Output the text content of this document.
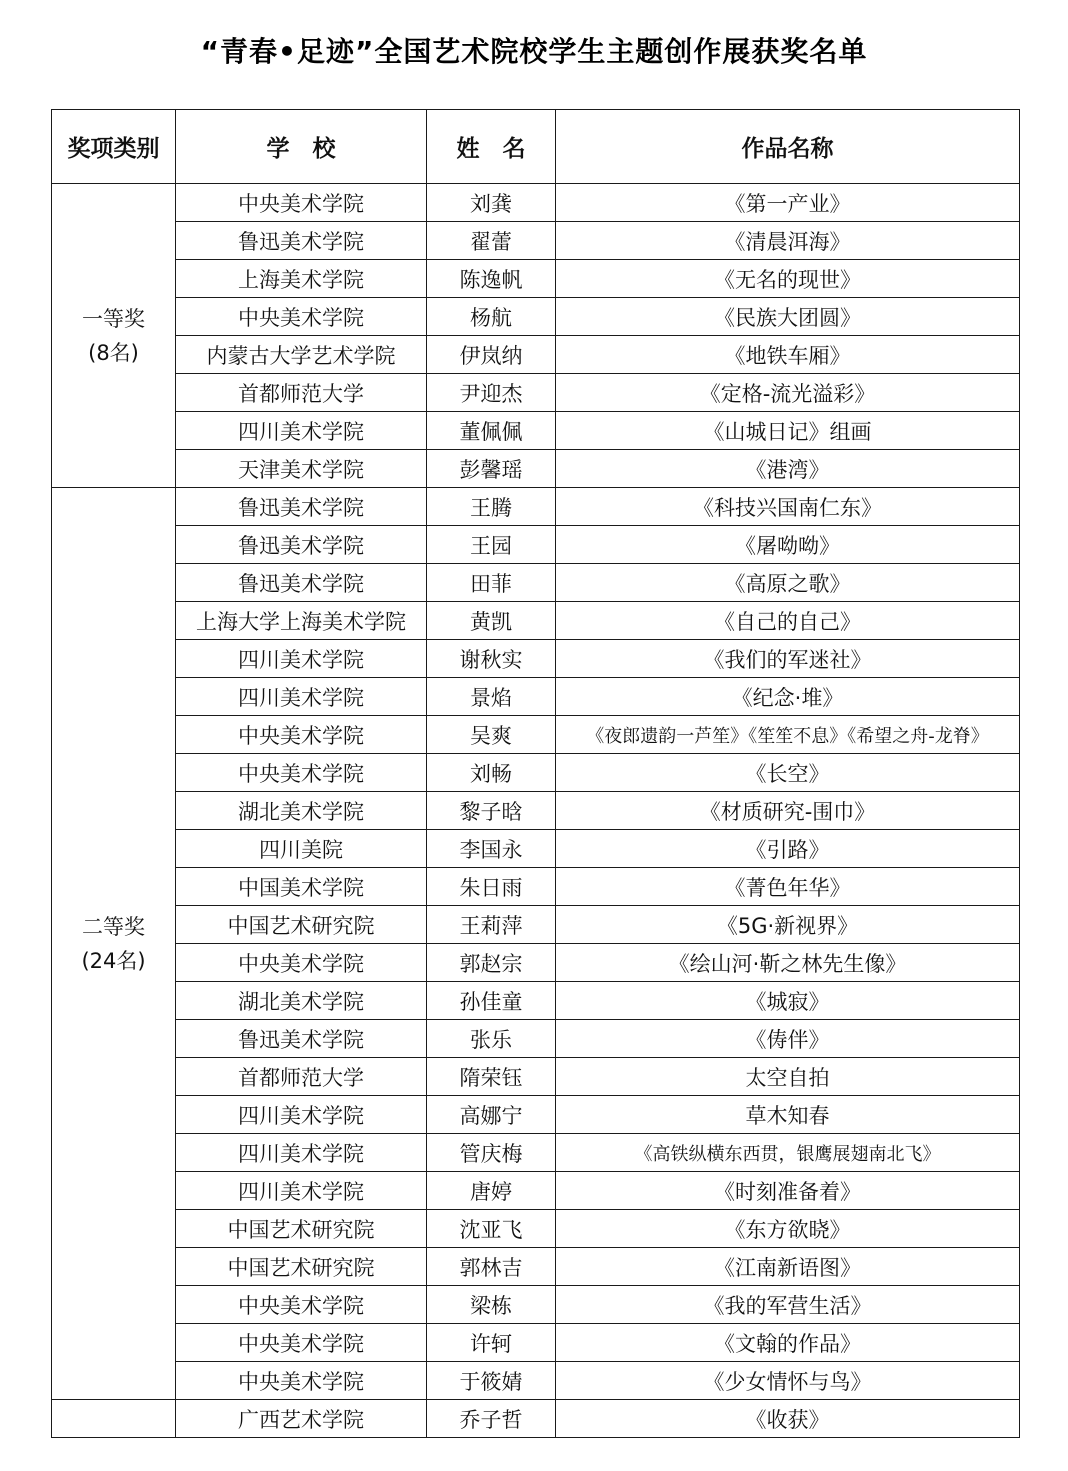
“青春•足迹”全国艺术院校学生主题创作展获奖名单
奖项类别	学　校	姓　名	作品名称

一等奖
(8名)	中央美术学院	刘龚	《第一产业》
	鲁迅美术学院	翟蕾	《清晨洱海》
	上海美术学院	陈逸帆	《无名的现世》
	中央美术学院	杨航	《民族大团圆》
	内蒙古大学艺术学院	伊岚纳	《地铁车厢》
	首都师范大学	尹迎杰	《定格-流光溢彩》
	四川美术学院	董佩佩	《山城日记》组画
	天津美术学院	彭馨瑶	《港湾》

二等奖
(24名)	鲁迅美术学院	王腾	《科技兴国南仁东》
	鲁迅美术学院	王园	《屠呦呦》
	鲁迅美术学院	田菲	《高原之歌》
	上海大学上海美术学院	黄凯	《自己的自己》
	四川美术学院	谢秋实	《我们的军迷社》
	四川美术学院	景焰	《纪念·堆》
	中央美术学院	吴爽	《夜郎遗韵一芦笙》《笙笙不息》《希望之舟-龙脊》
	中央美术学院	刘畅	《长空》
	湖北美术学院	黎子晗	《材质研究-围巾》
	四川美院	李国永	《引路》
	中国美术学院	朱日雨	《菁色年华》
	中国艺术研究院	王莉萍	《5G·新视界》
	中央美术学院	郭赵宗	《绘山河·靳之林先生像》
	湖北美术学院	孙佳童	《城寂》
	鲁迅美术学院	张乐	《俦伴》
	首都师范大学	隋荣钰	太空自拍
	四川美术学院	高娜宁	草木知春
	四川美术学院	管庆梅	《高铁纵横东西贯，银鹰展翅南北飞》
	四川美术学院	唐婷	《时刻准备着》
	中国艺术研究院	沈亚飞	《东方欲晓》
	中国艺术研究院	郭林吉	《江南新语图》
	中央美术学院	梁栋	《我的军营生活》
	中央美术学院	许轲	《文翰的作品》
	中央美术学院	于筱婧	《少女情怀与鸟》

	广西艺术学院	乔子哲	《收获》
